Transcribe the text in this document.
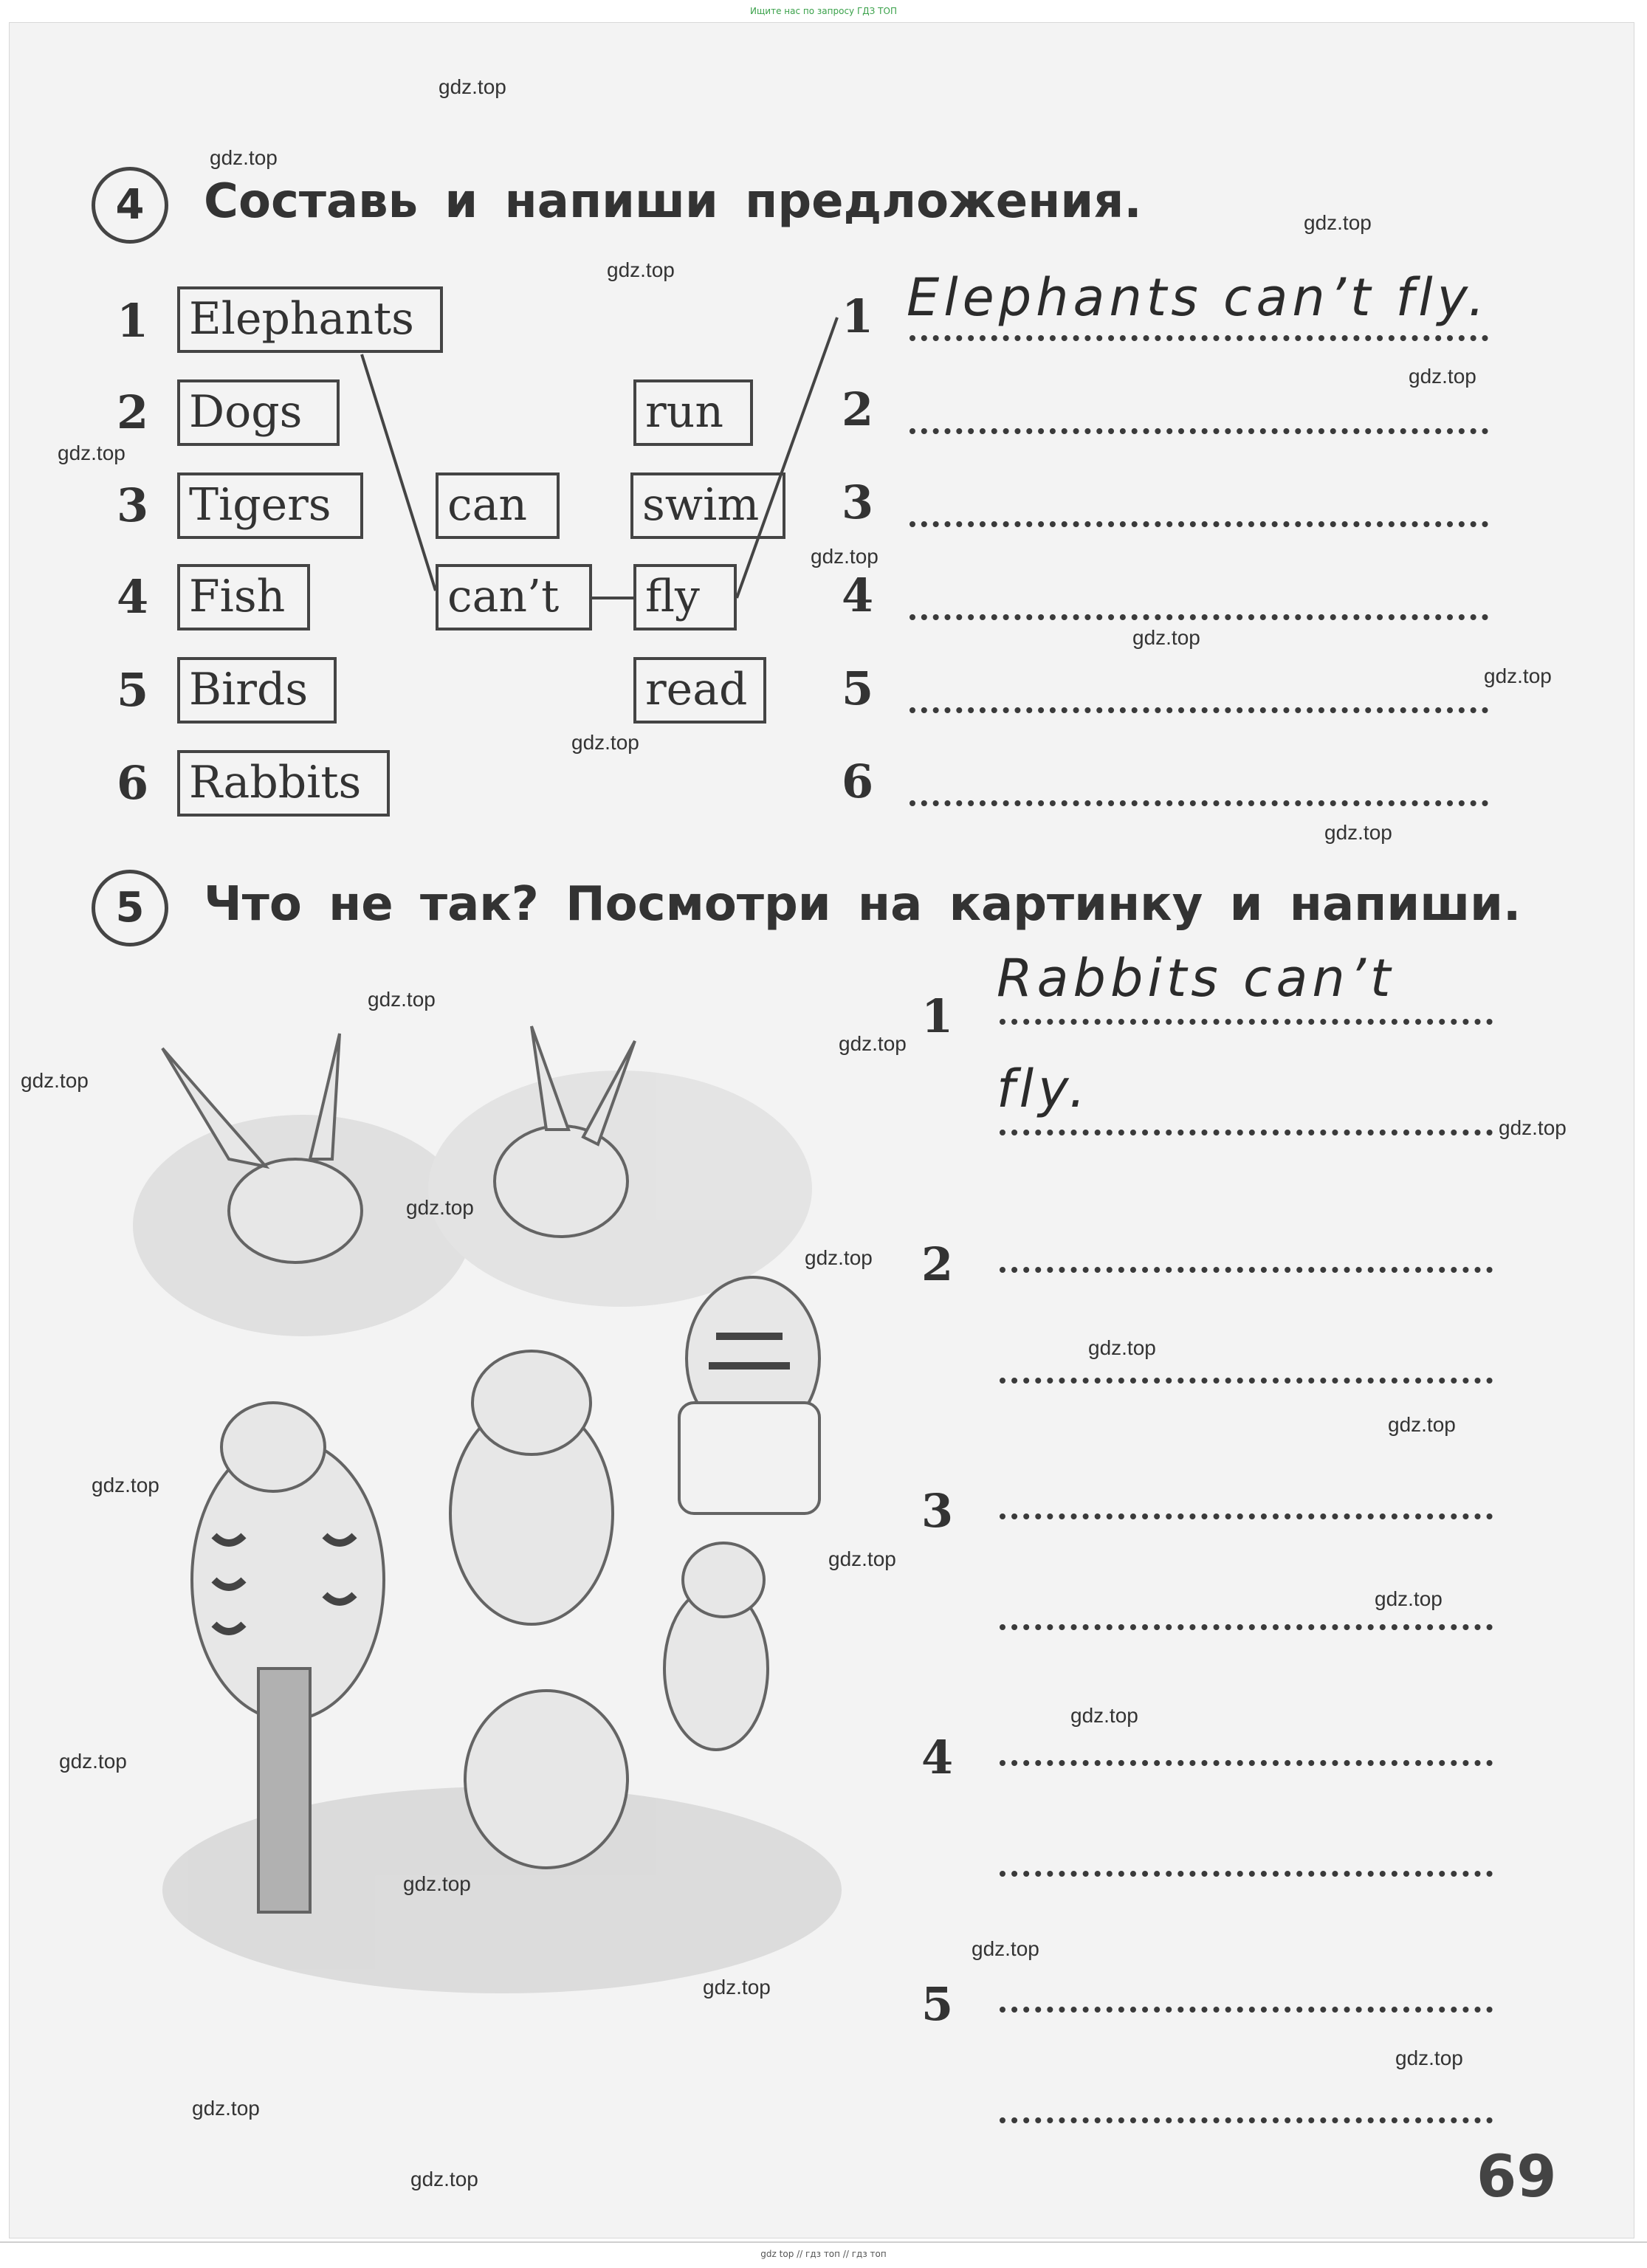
Ищите нас по запросу ГДЗ ТОП
4	Составь и напиши предложения.
1 Elephants
2 Dogs
3 Tigers
4 Fish
5 Birds
6 Rabbits
can
can’t
run
swim
fly
read
1 Elephants can’t fly.
2
3
4
5
6
5	Что не так? Посмотри на картинку и напиши.
1
Rabbits can’t
fly.
2
3
4
5
gdz.top
gdz.top
gdz.top
gdz.top
gdz.top
gdz.top
gdz.top
gdz.top
gdz.top
gdz.top
gdz.top
gdz.top
gdz.top
gdz.top
gdz.top
gdz.top
gdz.top
gdz.top
gdz.top
gdz.top
gdz.top
gdz.top
gdz.top
gdz.top
gdz.top
gdz.top
gdz.top
gdz.top
gdz.top
gdz.top	69
gdz top // гдз топ // гдз топ
